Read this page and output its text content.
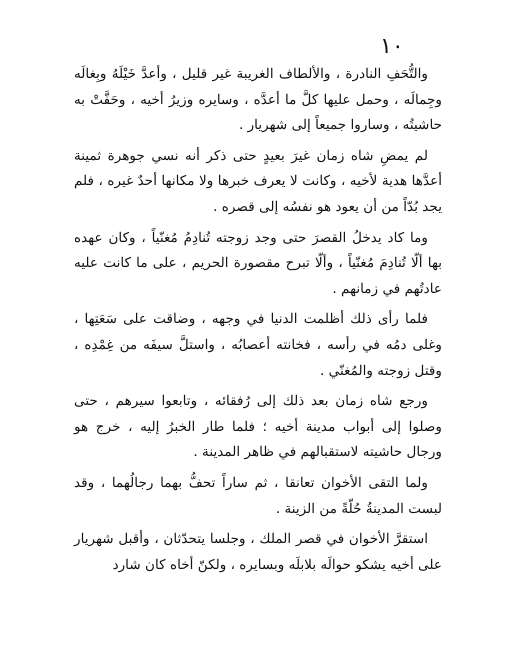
١٠

والتُّحَفِ النادرة ، والألطاف الغريبة غير قليل ، وأعدَّ خَيْلَهُ وبِغالَه وجِمالَه ، وحمل عليها كلَّ ما أعدَّه ، وسايره وزيرُ أخيه ، وحَفَّتْ به حاشيتُه ، وساروا جميعاً إلى شهريار .

لم يمضِ شاه زمان غيرَ بعيدٍ حتى ذكر أنه نسي جوهرة ثمينة أعدَّها هدية لأخيه ، وكانت لا يعرف خبرها ولا مكانها أحدٌ غيره ، فلم يجد بُدّاً من أن يعود هو نفسُه إلى قصره .

وما كاد يدخلُ القصرَ حتى وجد زوجته تُنادِمُ مُغنّياً ، وكان عهده بها ألّا تُنادِمَ مُغنّياً ، وألّا تبرح مقصورة الحريم ، على ما كانت عليه عادتُهم في زمانهم .

فلما رأى ذلك أظلمت الدنيا في وجهه ، وضاقت على سَعَتِها ، وغلى دمُه في رأسه ، فخانته أعصابُه ، واستلَّ سيفَه من غِمْدِه ، وقتل زوجته والمُغنّي .

ورجع شاه زمان بعد ذلك إلى رُفقائه ، وتابعوا سيرهم ، حتى وصلوا إلى أبواب مدينة أخيه ؛ فلما طار الخبرُ إليه ، خرج هو ورجال حاشيته لاستقبالهم في ظاهر المدينة .

ولما التقى الأخوان تعانقا ، ثم ساراً تحفُّ بهما رجالُهما ، وقد لبست المدينةُ حُلّةً من الزينة .

استقرَّ الأخوان في قصر الملك ، وجلسا يتحدّثان ، وأقبل شهريار على أخيه يشكو حوالَه بلابلَه وبسايره ، ولكنّ أخاه كان شارد
